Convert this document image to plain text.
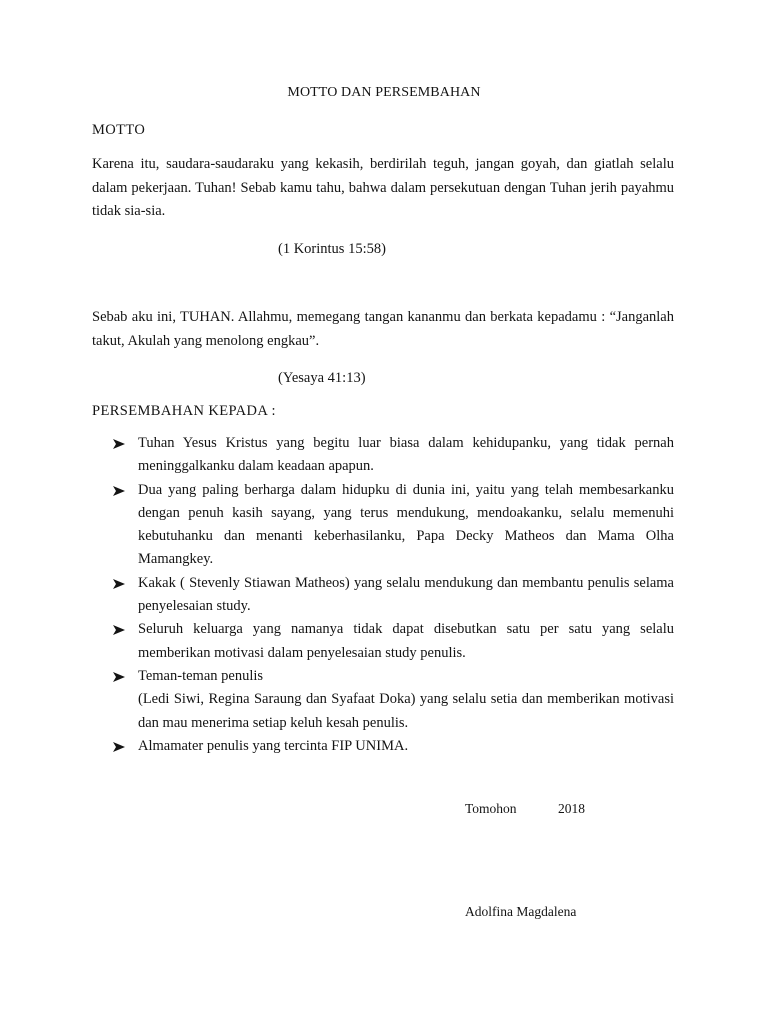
MOTTO DAN PERSEMBAHAN
MOTTO
Karena itu, saudara-saudaraku yang kekasih, berdirilah teguh, jangan goyah, dan giatlah selalu dalam pekerjaan. Tuhan! Sebab kamu tahu, bahwa dalam persekutuan dengan Tuhan jerih payahmu tidak sia-sia.
(1 Korintus 15:58)
Sebab aku ini, TUHAN. Allahmu, memegang tangan kananmu dan berkata kepadamu : “Janganlah takut, Akulah yang menolong engkau”.
(Yesaya 41:13)
PERSEMBAHAN KEPADA :
Tuhan Yesus Kristus yang begitu luar biasa dalam kehidupanku, yang tidak pernah meninggalkanku dalam keadaan apapun.
Dua yang paling berharga dalam hidupku di dunia ini, yaitu yang telah membesarkanku dengan penuh kasih sayang, yang terus mendukung, mendoakanku, selalu memenuhi kebutuhanku dan menanti keberhasilanku, Papa Decky Matheos dan Mama Olha Mamangkey.
Kakak ( Stevenly Stiawan Matheos) yang selalu mendukung dan membantu penulis selama penyelesaian study.
Seluruh keluarga yang namanya tidak dapat disebutkan satu per satu yang selalu memberikan motivasi dalam penyelesaian study penulis.
Teman-teman penulis
(Ledi Siwi, Regina Saraung dan Syafaat Doka) yang selalu setia dan memberikan motivasi dan mau menerima setiap keluh kesah penulis.
Almamater penulis yang tercinta FIP UNIMA.
Tomohon	2018
Adolfina Magdalena
